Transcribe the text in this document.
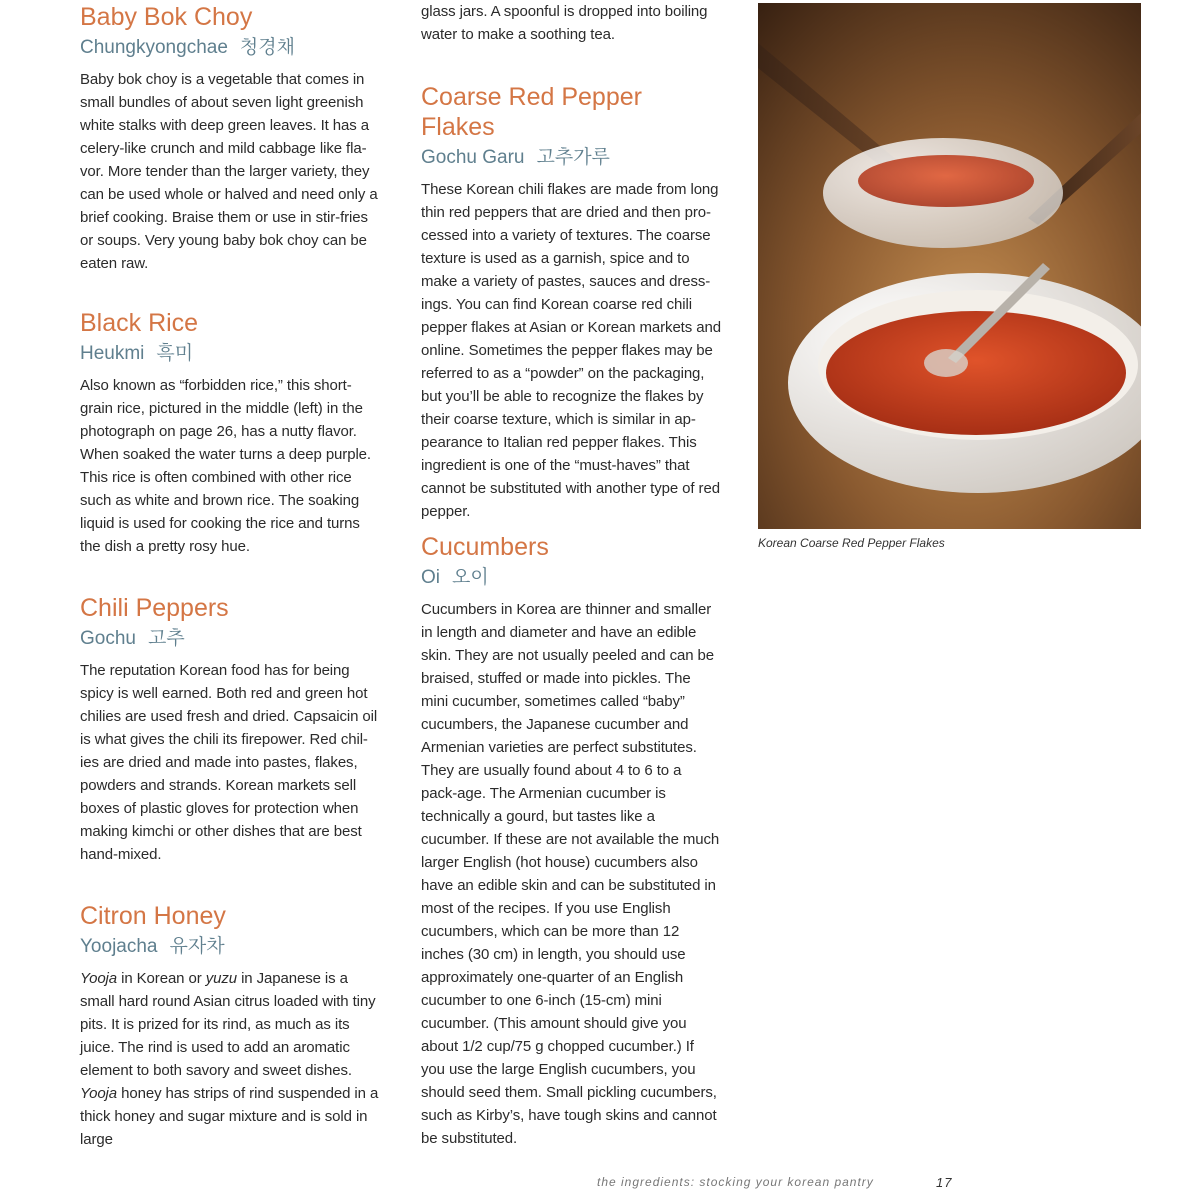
Baby Bok Choy
Chungkyongchae 청경채

Baby bok choy is a vegetable that comes in small bundles of about seven light greenish white stalks with deep green leaves. It has a celery-like crunch and mild cabbage like fla-vor. More tender than the larger variety, they can be used whole or halved and need only a brief cooking. Braise them or use in stir-fries or soups. Very young baby bok choy can be eaten raw.

Black Rice
Heukmi 흑미

Also known as “forbidden rice,” this short-grain rice, pictured in the middle (left) in the photograph on page 26, has a nutty flavor. When soaked the water turns a deep purple. This rice is often combined with other rice such as white and brown rice. The soaking liquid is used for cooking the rice and turns the dish a pretty rosy hue.

Chili Peppers
Gochu 고추

The reputation Korean food has for being spicy is well earned. Both red and green hot chilies are used fresh and dried. Capsaicin oil is what gives the chili its firepower. Red chil-ies are dried and made into pastes, flakes, powders and strands. Korean markets sell boxes of plastic gloves for protection when making kimchi or other dishes that are best hand-mixed.

Citron Honey
Yoojacha 유자차

Yooja in Korean or yuzu in Japanese is a small hard round Asian citrus loaded with tiny pits. It is prized for its rind, as much as its juice. The rind is used to add an aromatic element to both savory and sweet dishes. Yooja honey has strips of rind suspended in a thick honey and sugar mixture and is sold in large

glass jars. A spoonful is dropped into boiling water to make a soothing tea.

Coarse Red Pepper Flakes
Gochu Garu 고추가루

These Korean chili flakes are made from long thin red peppers that are dried and then pro-cessed into a variety of textures. The coarse texture is used as a garnish, spice and to make a variety of pastes, sauces and dress-ings. You can find Korean coarse red chili pepper flakes at Asian or Korean markets and online. Sometimes the pepper flakes may be referred to as a “powder” on the packaging, but you’ll be able to recognize the flakes by their coarse texture, which is similar in ap-pearance to Italian red pepper flakes. This ingredient is one of the “must-haves” that cannot be substituted with another type of red pepper.

Cucumbers
Oi 오이

Cucumbers in Korea are thinner and smaller in length and diameter and have an edible skin. They are not usually peeled and can be braised, stuffed or made into pickles. The mini cucumber, sometimes called “baby” cucumbers, the Japanese cucumber and Armenian varieties are perfect substitutes. They are usually found about 4 to 6 to a pack-age. The Armenian cucumber is technically a gourd, but tastes like a cucumber. If these are not available the much larger English (hot house) cucumbers also have an edible skin and can be substituted in most of the recipes. If you use English cucumbers, which can be more than 12 inches (30 cm) in length, you should use approximately one-quarter of an English cucumber to one 6-inch (15-cm) mini cucumber. (This amount should give you about 1/2 cup/75 g chopped cucumber.) If you use the large English cucumbers, you should seed them. Small pickling cucumbers, such as Kirby’s, have tough skins and cannot be substituted.

Korean Coarse Red Pepper Flakes
the ingredients: stocking your korean pantry	17
